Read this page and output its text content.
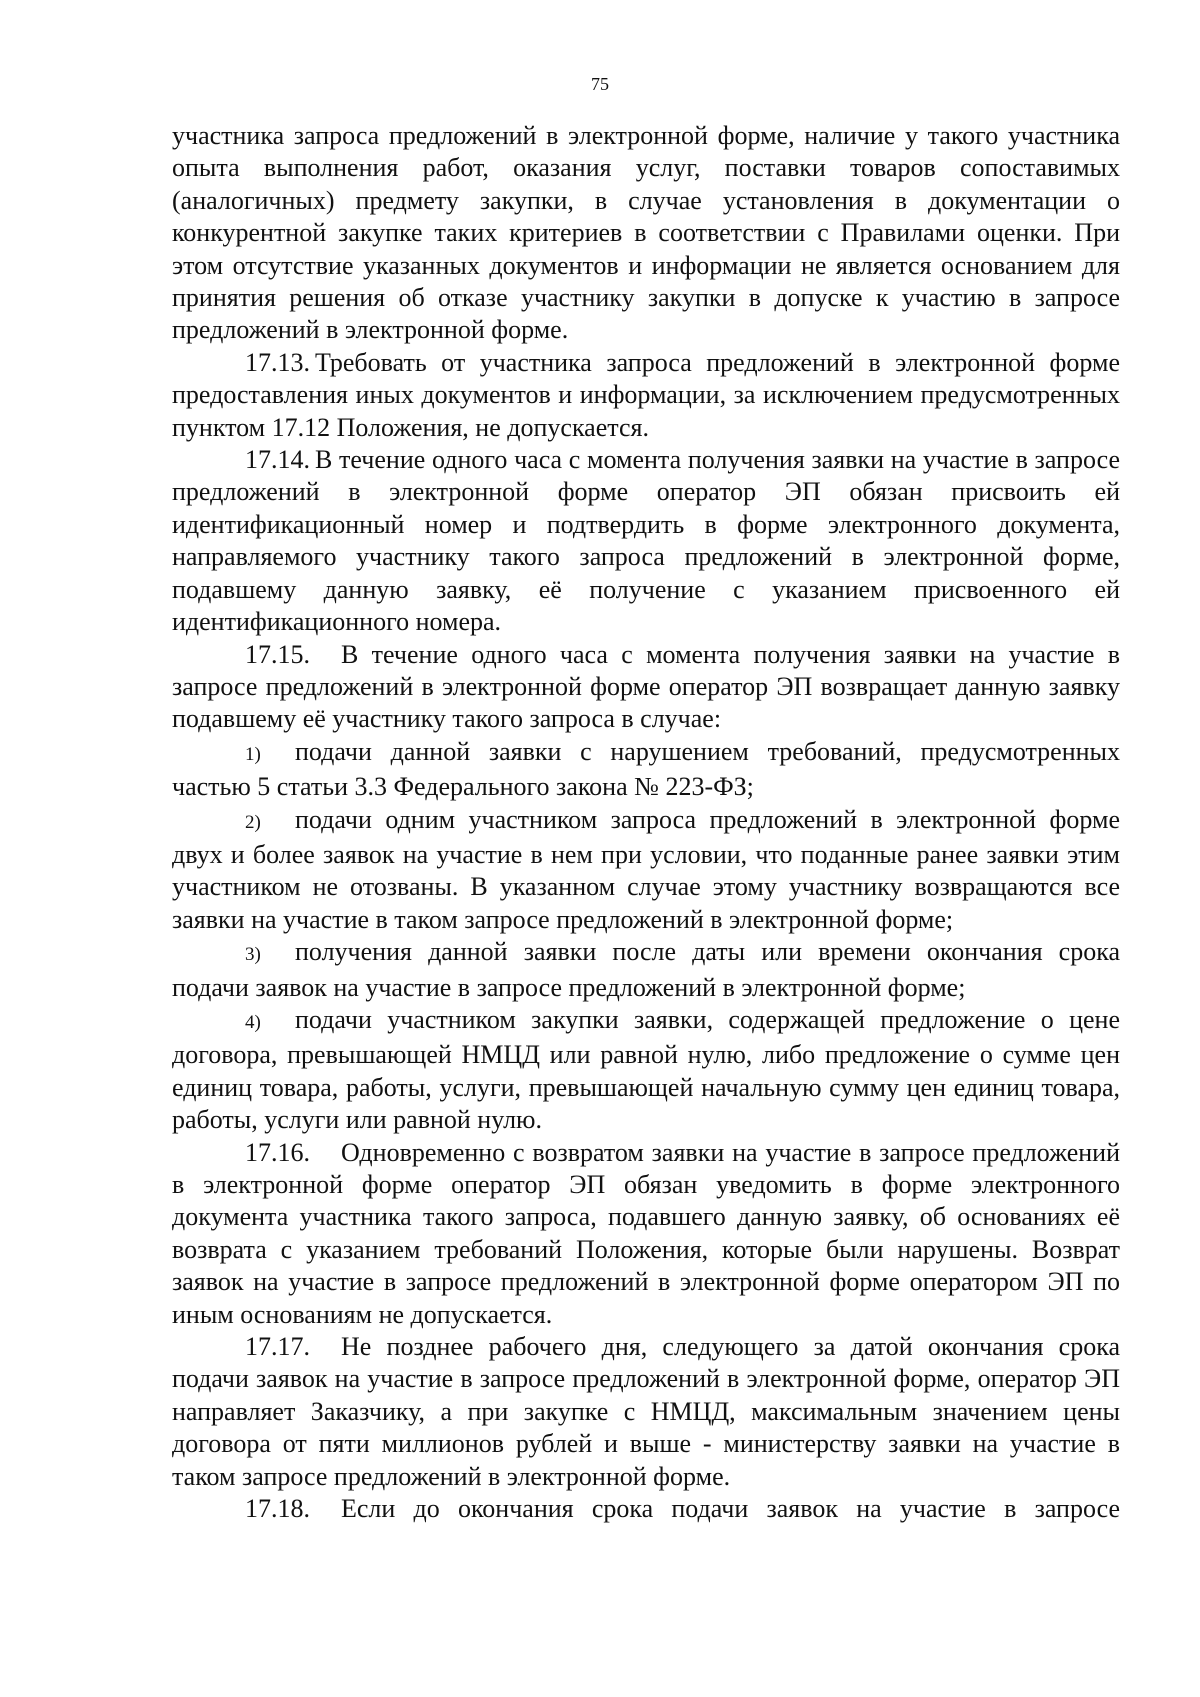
75

участника запроса предложений в электронной форме, наличие у такого участника опыта выполнения работ, оказания услуг, поставки товаров сопоставимых (аналогичных) предмету закупки, в случае установления в документации о конкурентной закупке таких критериев в соответствии с Правилами оценки. При этом отсутствие указанных документов и информации не является основанием для принятия решения об отказе участнику закупки в допуске к участию в запросе предложений в электронной форме.

17.13. Требовать от участника запроса предложений в электронной форме предоставления иных документов и информации, за исключением предусмотренных пунктом 17.12 Положения, не допускается.

17.14. В течение одного часа с момента получения заявки на участие в запросе предложений в электронной форме оператор ЭП обязан присвоить ей идентификационный номер и подтвердить в форме электронного документа, направляемого участнику такого запроса предложений в электронной форме, подавшему данную заявку, её получение с указанием присвоенного ей идентификационного номера.

17.15. В течение одного часа с момента получения заявки на участие в запросе предложений в электронной форме оператор ЭП возвращает данную заявку подавшему её участнику такого запроса в случае:

1) подачи данной заявки с нарушением требований, предусмотренных частью 5 статьи 3.3 Федерального закона № 223-ФЗ;

2) подачи одним участником запроса предложений в электронной форме двух и более заявок на участие в нем при условии, что поданные ранее заявки этим участником не отозваны. В указанном случае этому участнику возвращаются все заявки на участие в таком запросе предложений в электронной форме;

3) получения данной заявки после даты или времени окончания срока подачи заявок на участие в запросе предложений в электронной форме;

4) подачи участником закупки заявки, содержащей предложение о цене договора, превышающей НМЦД или равной нулю, либо предложение о сумме цен единиц товара, работы, услуги, превышающей начальную сумму цен единиц товара, работы, услуги или равной нулю.

17.16. Одновременно с возвратом заявки на участие в запросе предложений в электронной форме оператор ЭП обязан уведомить в форме электронного документа участника такого запроса, подавшего данную заявку, об основаниях её возврата с указанием требований Положения, которые были нарушены. Возврат заявок на участие в запросе предложений в электронной форме оператором ЭП по иным основаниям не допускается.

17.17. Не позднее рабочего дня, следующего за датой окончания срока подачи заявок на участие в запросе предложений в электронной форме, оператор ЭП направляет Заказчику, а при закупке с НМЦД, максимальным значением цены договора от пяти миллионов рублей и выше - министерству заявки на участие в таком запросе предложений в электронной форме.

17.18. Если до окончания срока подачи заявок на участие в запросе
